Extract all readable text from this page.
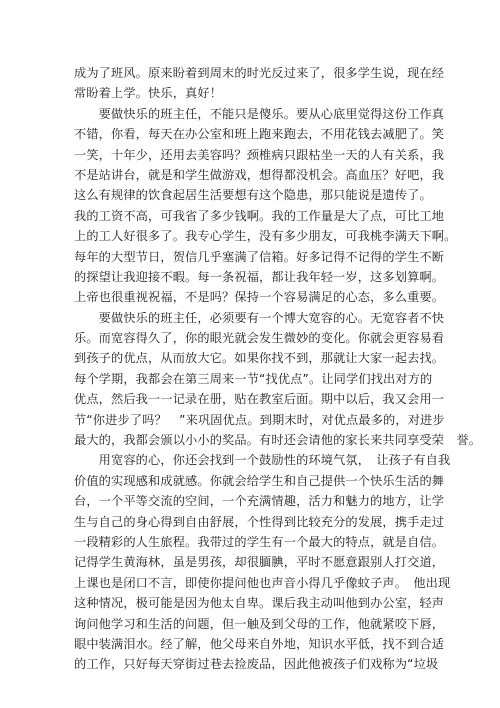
成为了班风。原来盼着到周末的时光反过来了，很多学生说，现在经
常盼着上学。快乐，真好！
　　要做快乐的班主任，不能只是傻乐。要从心底里觉得这份工作真
不错，你看，每天在办公室和班上跑来跑去，不用花钱去减肥了。笑
一笑，十年少，还用去美容吗？颈椎病只跟枯坐一天的人有关系，我
不是站讲台，就是和学生做游戏，想得都没机会。高血压？好吧，我
这么有规律的饮食起居生活要想有这个隐患，那只能说是遗传了。
我的工资不高，可我省了多少钱啊。我的工作量是大了点，可比工地
上的工人好很多了。我专心学生，没有多少朋友，可我桃李满天下啊。
每年的大型节日，贺信几乎塞满了信箱。好多记得不记得的学生不断
的探望让我迎接不暇。每一条祝福，都让我年轻一岁，这多划算啊。
上帝也很重视祝福，不是吗？保持一个容易满足的心态，多么重要。
　　要做快乐的班主任，必须要有一个博大宽容的心。无宽容者不快
乐。而宽容得久了，你的眼光就会发生微妙的变化。你就会更容易看
到孩子的优点，从而放大它。如果你找不到，那就让大家一起去找。
每个学期，我都会在第三周来一节“找优点”。让同学们找出对方的
优点，然后我一一记录在册，贴在教室后面。期中以后，我又会用一
节“你进步了吗？　”来巩固优点。到期末时，对优点最多的，对进步
最大的，我都会颁以小小的奖品。有时还会请他的家长来共同享受荣　誉。
　　用宽容的心，你还会找到一个鼓励性的环境气氛，　让孩子有自我
价值的实现感和成就感。你就会给学生和自己提供一个快乐生活的舞
台，一个平等交流的空间，一个充满情趣，活力和魅力的地方，让学
生与自己的身心得到自由舒展，个性得到比较充分的发展，携手走过
一段精彩的人生旅程。我带过的学生有一个最大的特点，就是自信。
记得学生黄海林，虽是男孩，却很腼腆，平时不愿意跟别人打交道，
上课也是闭口不言，即使你提问他也声音小得几乎像蚊子声。　他出现
这种情况，极可能是因为他太自卑。课后我主动叫他到办公室，轻声
询问他学习和生活的问题，但一触及到父母的工作，他就紧咬下唇，
眼中装满泪水。经了解，他父母来自外地，知识水平低，找不到合适
的工作，只好每天穿街过巷去捡废品，因此他被孩子们戏称为“垃圾
